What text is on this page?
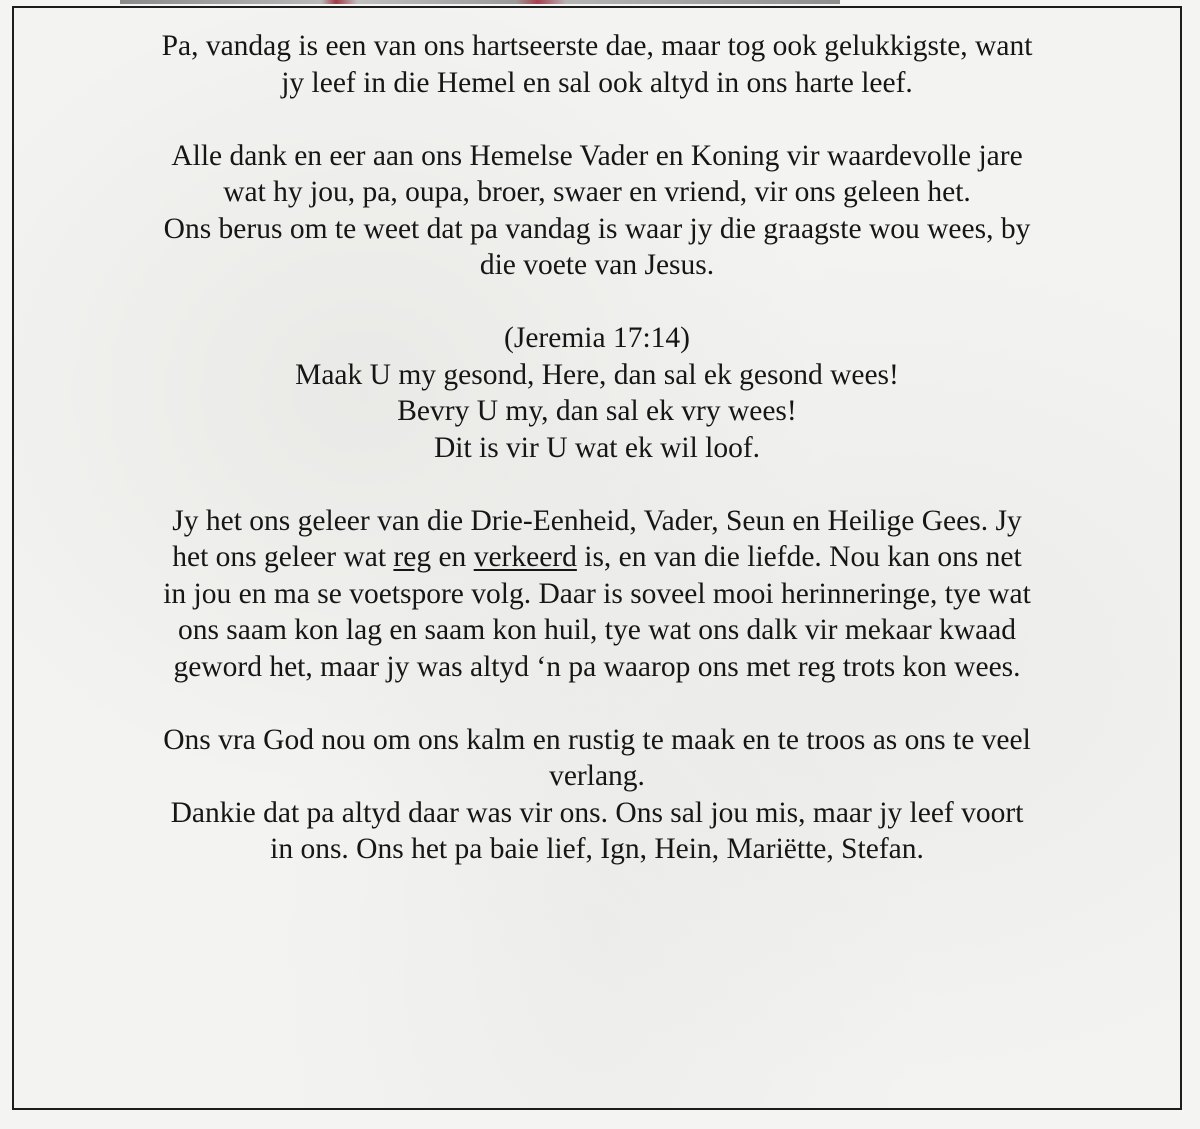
Pa, vandag is een van ons hartseerste dae, maar tog ook gelukkigste, want
jy leef in die Hemel en sal ook altyd in ons harte leef.
Alle dank en eer aan ons Hemelse Vader en Koning vir waardevolle jare
wat hy jou, pa, oupa, broer, swaer en vriend, vir ons geleen het.
Ons berus om te weet dat pa vandag is waar jy die graagste wou wees, by
die voete van Jesus.
(Jeremia 17:14)
Maak U my gesond, Here, dan sal ek gesond wees!
Bevry U my, dan sal ek vry wees!
Dit is vir U wat ek wil loof.
Jy het ons geleer van die Drie-Eenheid, Vader, Seun en Heilige Gees. Jy
het ons geleer wat reg en verkeerd is, en van die liefde. Nou kan ons net
in jou en ma se voetspore volg. Daar is soveel mooi herinneringe, tye wat
ons saam kon lag en saam kon huil, tye wat ons dalk vir mekaar kwaad
geword het, maar jy was altyd ‘n pa waarop ons met reg trots kon wees.
Ons vra God nou om ons kalm en rustig te maak en te troos as ons te veel
verlang.
Dankie dat pa altyd daar was vir ons. Ons sal jou mis, maar jy leef voort
in ons. Ons het pa baie lief, Ign, Hein, Mariëtte, Stefan.
